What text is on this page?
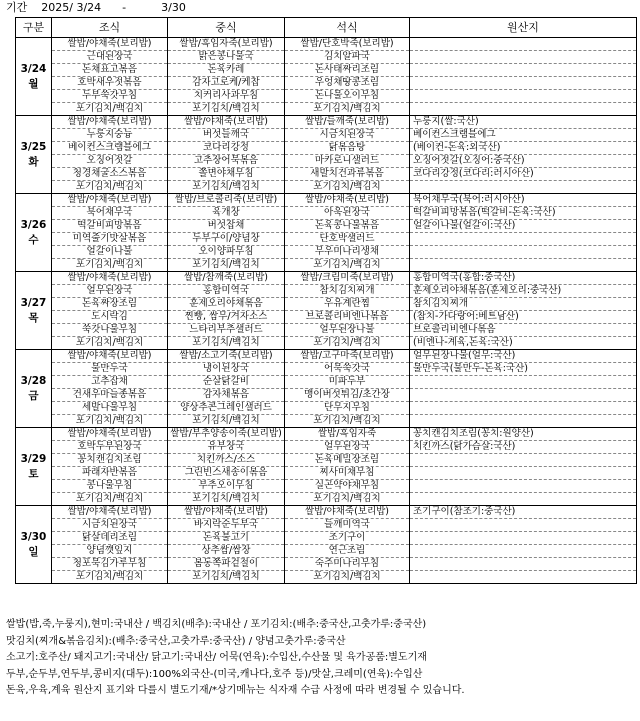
기간 2025/ 3/24 -	3/30
구분	조식	중식	석식	원산지

3/24
월	쌀밥/야채죽(보리밥)	쌀밥/흑임자죽(보리밥)	쌀밥/단호박죽(보리밥)	
	근대된장국	맑은콩나물국	김치알파국	
	돈채표고볶음	돈육카레	돈사태짜리조림	
	호박새우젓볶음	감자고로케/케찹	우엉채땅콩조림	
	두부쑥갓무침	치커리사과무침	돈나물오이무침	
	포기김치/백김치	포기김치/백김치	포기김치/백김치	

3/25
화	쌀밥/야채죽(보리밥)	쌀밥/야채죽(보리밥)	쌀밥/들깨죽(보리밥)	누룽지(쌀:국산)
	누룽지숭늉	버섯들깨국	시금치된장국	베이컨스크램블에그
	베이컨스크램블에그	코다리강정	닭볶음탕	(베이컨-돈육:외국산)
	오징어젓갈	고추장어묵볶음	마카로니샐러드	오징어젓갈(오징어:중국산)
	청경채굴소스볶음	쫄면야채무침	새발치건과류볶음	코다리강정(코다리:러시아산)
	포기김치/백김치	포기김치/백김치	포기김치/백김치	

3/26
수	쌀밥/야채죽(보리밥)	쌀밥/브로콜리죽(보리밥)	쌀밥/야채죽(보리밥)	북어채무국(북어:러시아산)
	북어채무국	육개장	아욱된장국	떡갈비피망볶음(떡갈비-돈육:국산)
	떡갈비피망볶음	버섯잡채	돈육콩나물볶음	얼갈이나물(얼갈이:국산)
	미역줄기맛살볶음	두부구이/양념장	단호박샐러드	
	얼갈이나물	오이양파무침	무우미나리생채	
	포기김치/백김치	포기김치/백김치	포기김치/백김치	

3/27
목	쌀밥/야채죽(보리밥)	쌀밥/참깨죽(보리밥)	쌀밥/크림미죽(보리밥)	홍합미역국(홍합:중국산)
	얼무된장국	홍합미역국	참치김치찌개	훈제오리야채볶음(훈제오리:중국산)
	돈육짜장조림	훈제오리야채볶음	우유계란찜	참치김치찌개
	도시락김	찐빵, 쌈무/겨자소스	브로콜리비엔나볶음	(참치-가다랑어:베트남산)
	쑥갓나물무침	느타리부추샐러드	얼무된장나물	브로콜리비엔나볶음
	포기김치/백김치	포기김치/백김치	포기김치/백김치	(비엔나-계육,돈육:국산)

3/28
금	쌀밥/야채죽(보리밥)	쌀밥/소고기죽(보리밥)	쌀밥/고구마죽(보리밥)	얼무된장나물(얼무:국산)
	물만두국	냉이된장국	어묵쑥갓국	물만두국(물만두-돈육:국산)
	고추잡채	순살닭갈비	미파두부	
	건새우마늘종볶음	감자채볶음	맹이버섯튀김/초간장	
	세발나물무침	양상추콘그레인샐러드	단무지무침	
	포기김치/백김치	포기김치/백김치	포기김치/백김치	

3/29
토	쌀밥/야채죽(보리밥)	쌀밥/부추양송이죽(보리밥)	쌀밥/흑임자죽	꽁치캔김치조림(꽁치:원양산)
	호박두부된장국	유부장국	얼무된장국	치킨까스(닭가슴살:국산)
	꽁치캔김치조림	치킨까스/소스	돈육메밀장조림	
	파래자반볶음	그린빈스새송이볶음	찌사미채무침	
	콩나물무침	부추오이무침	실곤약야채무침	
	포기김치/백김치	포기김치/백김치	포기김치/백김치	

3/30
일	쌀밥/야채죽(보리밥)	쌀밥/야채죽(보리밥)	쌀밥/야채죽(보리밥)	조기구이(참조기:중국산)
	시금치된장국	바지락순두부국	들깨미역국	
	닭살데리조림	돈육불고기	조기구이	
	양념깻잎지	상추쌈/쌈장	연근조림	
	청포묵김가루무침	봄동쪽파겉절이	숙주미나리무침	
	포기김치/백김치	포기김치/백김치	포기김치/백김치	
쌀밥(밥,죽,누룽지),현미:국내산 / 백김치(배추):국내산 / 포기김치:(배추:중국산,고춧가루:중국산)
맛김치(찌개&볶음김치):(배추:중국산,고춧가루:중국산) / 양념고춧가루:중국산
소고기:호주산/ 돼지고기:국내산/ 닭고기:국내산/ 어묵(연육):수입산,수산물 및 육가공품:별도기재
두부,순두부,연두부,콩비지(대두):100%외국산-(미국,캐나다,호주 등)/맛살,크레미(연육):수입산
돈육,우육,계육 원산지 표기와 다를시 별도기재/*상기메뉴는 식자재 수급 사정에 따라 변경될 수 있습니다.
